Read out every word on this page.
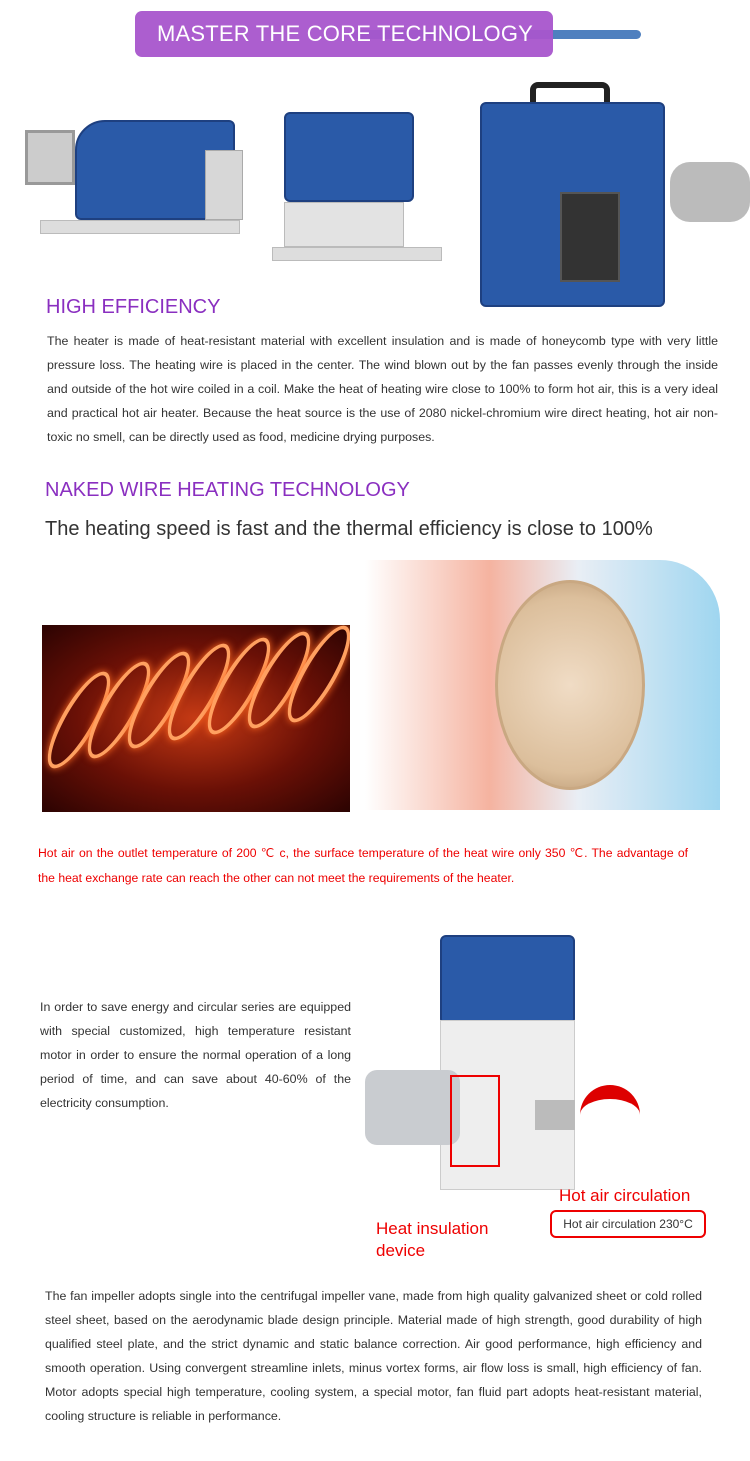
MASTER THE CORE TECHNOLOGY
HIGH EFFICIENCY
The heater is made of heat-resistant material with excellent insulation and is made of honeycomb type with very little pressure loss. The heating wire is placed in the center. The wind blown out by the fan passes evenly through the inside and outside of the hot wire coiled in a coil. Make the heat of heating wire close to 100% to form hot air, this is a very ideal and practical hot air heater. Because the heat source is the use of 2080 nickel-chromium wire direct heating, hot air non-toxic no smell, can be directly used as food, medicine drying purposes.
NAKED WIRE HEATING TECHNOLOGY
The heating speed is fast and the thermal efficiency is close to 100%
Hot air on the outlet temperature of 200 ℃ c, the surface temperature of the heat wire only 350 ℃. The advantage of the heat exchange rate can reach the other can not meet the requirements of the heater.
In order to save energy and circular series are equipped with special customized, high temperature resistant motor in order to ensure the normal operation of a long period of time, and can save about 40-60% of the electricity consumption.
Heat insulation device
Hot air circulation
Hot air circulation 230°C
The fan impeller adopts single into the centrifugal impeller vane, made from high quality galvanized sheet or cold rolled steel sheet, based on the aerodynamic blade design principle. Material made of high strength, good durability of high qualified steel plate, and the strict dynamic and static balance correction. Air good performance, high efficiency and smooth operation. Using convergent streamline inlets, minus vortex forms, air flow loss is small, high efficiency of fan. Motor adopts special high temperature, cooling system, a special motor, fan fluid part adopts heat-resistant material, cooling structure is reliable in performance.
